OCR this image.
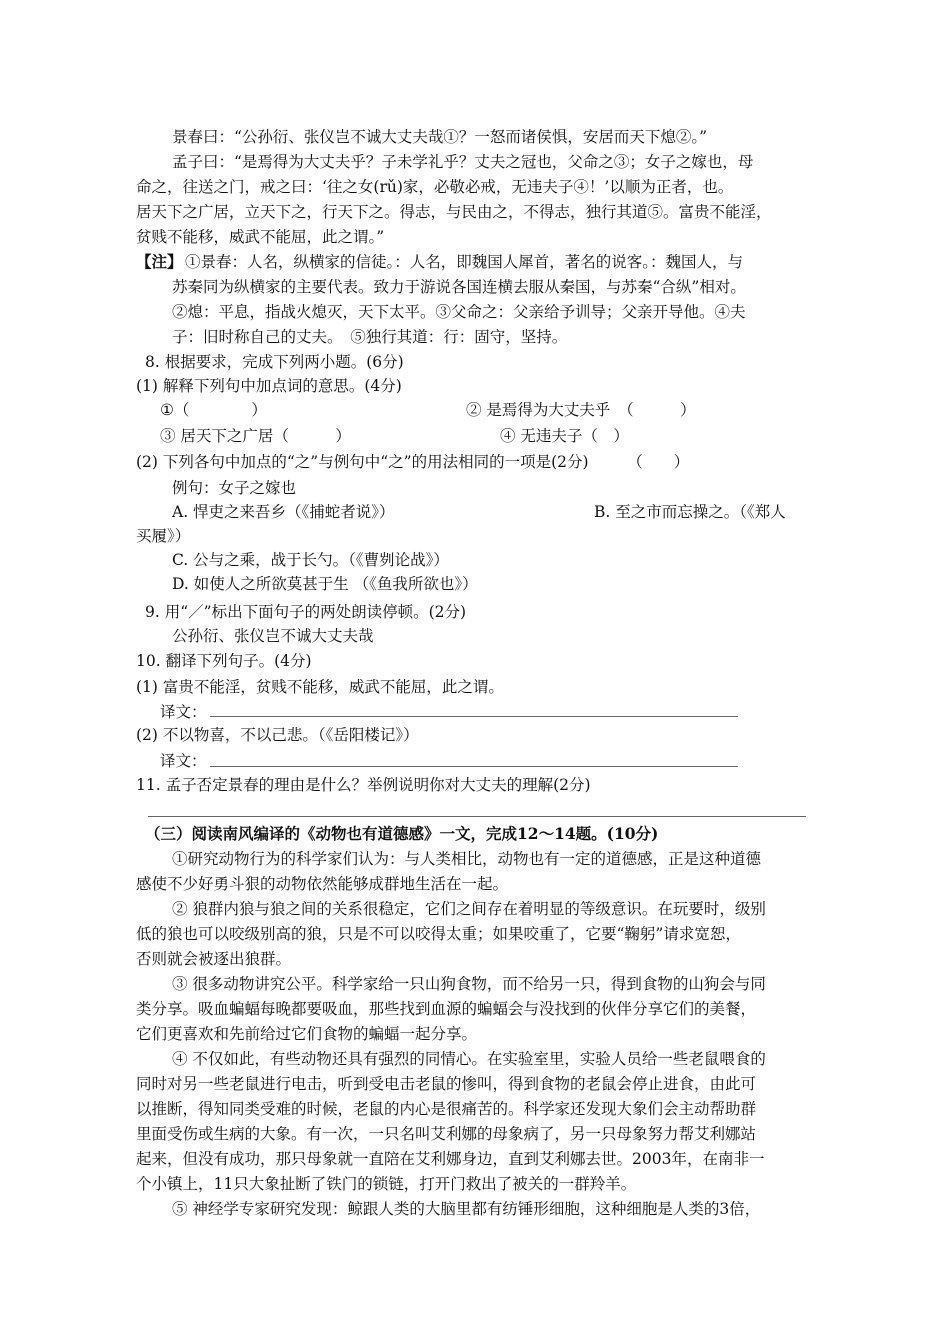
景春曰：“公孙衍、张仪岂不诚大丈夫哉①？一怒而诸侯惧，安居而天下熄②。”
孟子曰：“是焉得为大丈夫乎？子未学礼乎？丈夫之冠也，父命之③；女子之嫁也，母
命之，往送之门，戒之曰：‘往之女(rǔ)家，必敬必戒，无违夫子④！’以顺为正者，也。
居天下之广居，立天下之，行天下之。得志，与民由之，不得志，独行其道⑤。富贵不能淫，
贫贱不能移，威武不能屈，此之谓。”
【注】 ①景春：人名，纵横家的信徒。：人名，即魏国人犀首，著名的说客。：魏国人，与
苏秦同为纵横家的主要代表。致力于游说各国连横去服从秦国，与苏秦“合纵”相对。
②熄：平息，指战火熄灭，天下太平。③父命之：父亲给予训导；父亲开导他。④夫
子：旧时称自己的丈夫。　⑤独行其道：行：固守，坚持。
8. 根据要求，完成下列两小题。(6分)
(1) 解释下列句中加点词的意思。(4分)
①（　　　　）	② 是焉得为大丈夫乎　（　　　）
③ 居天下之广居（　　　）	④ 无违夫子（　）
(2) 下列各句中加点的“之”与例句中“之”的用法相同的一项是(2分)　　　（　　）
例句：女子之嫁也
A. 悍吏之来吾乡（《捕蛇者说》）	B. 至之市而忘操之。（《郑人
买履》）
C. 公与之乘，战于长勺。（《曹刿论战》）
D. 如使人之所欲莫甚于生 （《鱼我所欲也》）
9. 用“／”标出下面句子的两处朗读停顿。(2分)
公孙衍、张仪岂不诚大丈夫哉
10. 翻译下列句子。(4分)
(1) 富贵不能淫，贫贱不能移，威武不能屈，此之谓。
译文：
(2) 不以物喜，不以己悲。（《岳阳楼记》）
译文：
11. 孟子否定景春的理由是什么？举例说明你对大丈夫的理解(2分)
（三）阅读南风编译的《动物也有道德感》一文，完成12～14题。(10分)
①研究动物行为的科学家们认为：与人类相比，动物也有一定的道德感，正是这种道德
感使不少好勇斗狠的动物依然能够成群地生活在一起。
② 狼群内狼与狼之间的关系很稳定，它们之间存在着明显的等级意识。在玩要时，级别
低的狼也可以咬级别高的狼，只是不可以咬得太重；如果咬重了，它要“鞠躬”请求宽恕，
否则就会被逐出狼群。
③ 很多动物讲究公平。科学家给一只山狗食物，而不给另一只，得到食物的山狗会与同
类分享。吸血蝙蝠每晚都要吸血，那些找到血源的蝙蝠会与没找到的伙伴分享它们的美餐，
它们更喜欢和先前给过它们食物的蝙蝠一起分享。
④ 不仅如此，有些动物还具有强烈的同情心。在实验室里，实验人员给一些老鼠喂食的
同时对另一些老鼠进行电击，听到受电击老鼠的惨叫，得到食物的老鼠会停止进食，由此可
以推断，得知同类受难的时候，老鼠的内心是很痛苦的。科学家还发现大象们会主动帮助群
里面受伤或生病的大象。有一次，一只名叫艾利娜的母象病了，另一只母象努力帮艾利娜站
起来，但没有成功，那只母象就一直陪在艾利娜身边，直到艾利娜去世。2003年，在南非一
个小镇上，11只大象扯断了铁门的锁链，打开门救出了被关的一群羚羊。
⑤ 神经学专家研究发现：鲸跟人类的大脑里都有纺锤形细胞，这种细胞是人类的3倍，
